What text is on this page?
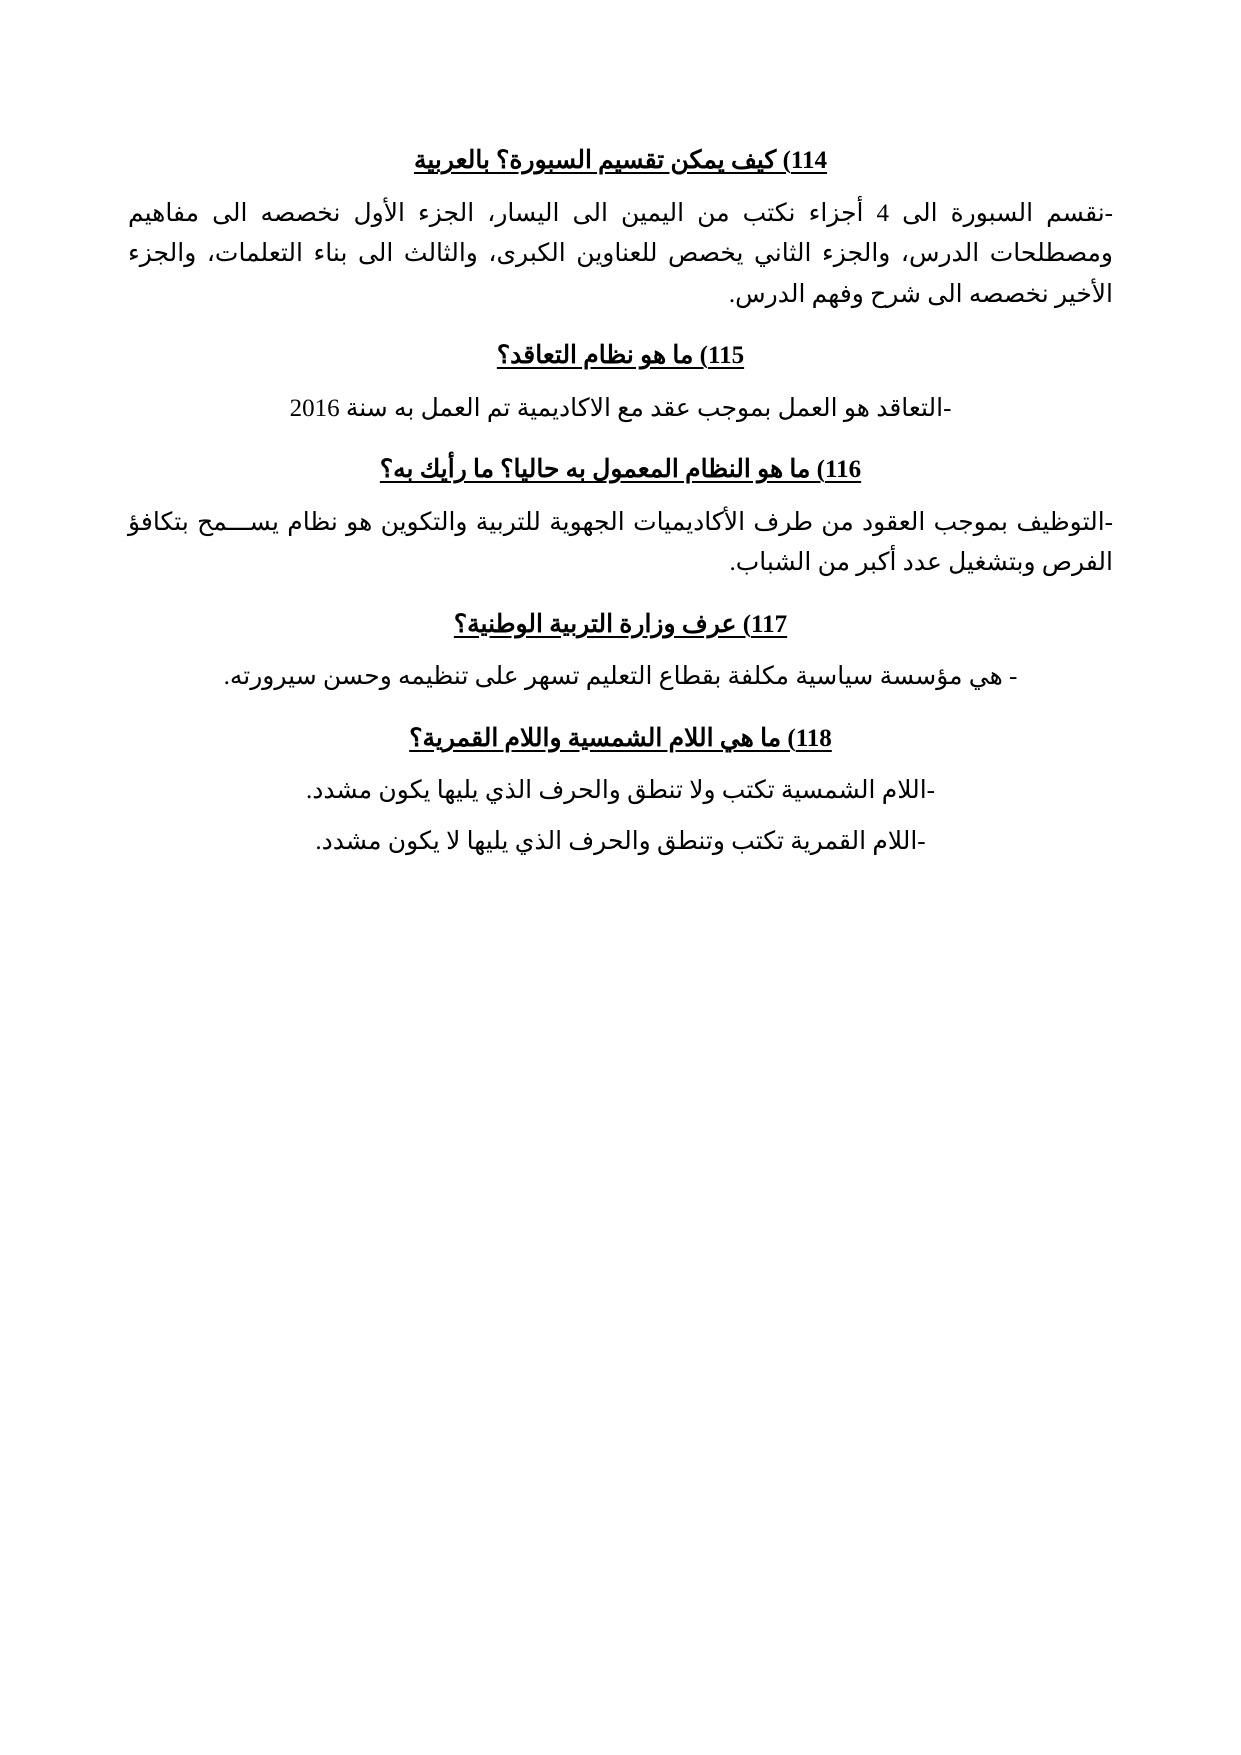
114) كيف يمكن تقسيم السبورة؟ بالعربية
-نقسم السبورة الى 4 أجزاء نكتب من اليمين الى اليسار، الجزء الأول نخصصه الى مفاهيم ومصطلحات الدرس، والجزء الثاني يخصص للعناوين الكبرى، والثالث الى بناء التعلمات، والجزء الأخير نخصصه الى شرح وفهم الدرس.
115) ما هو نظام التعاقد؟
-التعاقد هو العمل بموجب عقد مع الاكاديمية تم العمل به سنة 2016
116) ما هو النظام المعمول به حاليا؟ ما رأيك به؟
-التوظيف بموجب العقود من طرف الأكاديميات الجهوية للتربية والتكوين هو نظام يســـمح بتكافؤ الفرص وبتشغيل عدد أكبر من الشباب.
117) عرف وزارة التربية الوطنية؟
- هي مؤسسة سياسية مكلفة بقطاع التعليم تسهر على تنظيمه وحسن سيرورته.
118) ما هي اللام الشمسية واللام القمرية؟
-اللام الشمسية تكتب ولا تنطق والحرف الذي يليها يكون مشدد.
-اللام القمرية تكتب وتنطق والحرف الذي يليها لا يكون مشدد.
